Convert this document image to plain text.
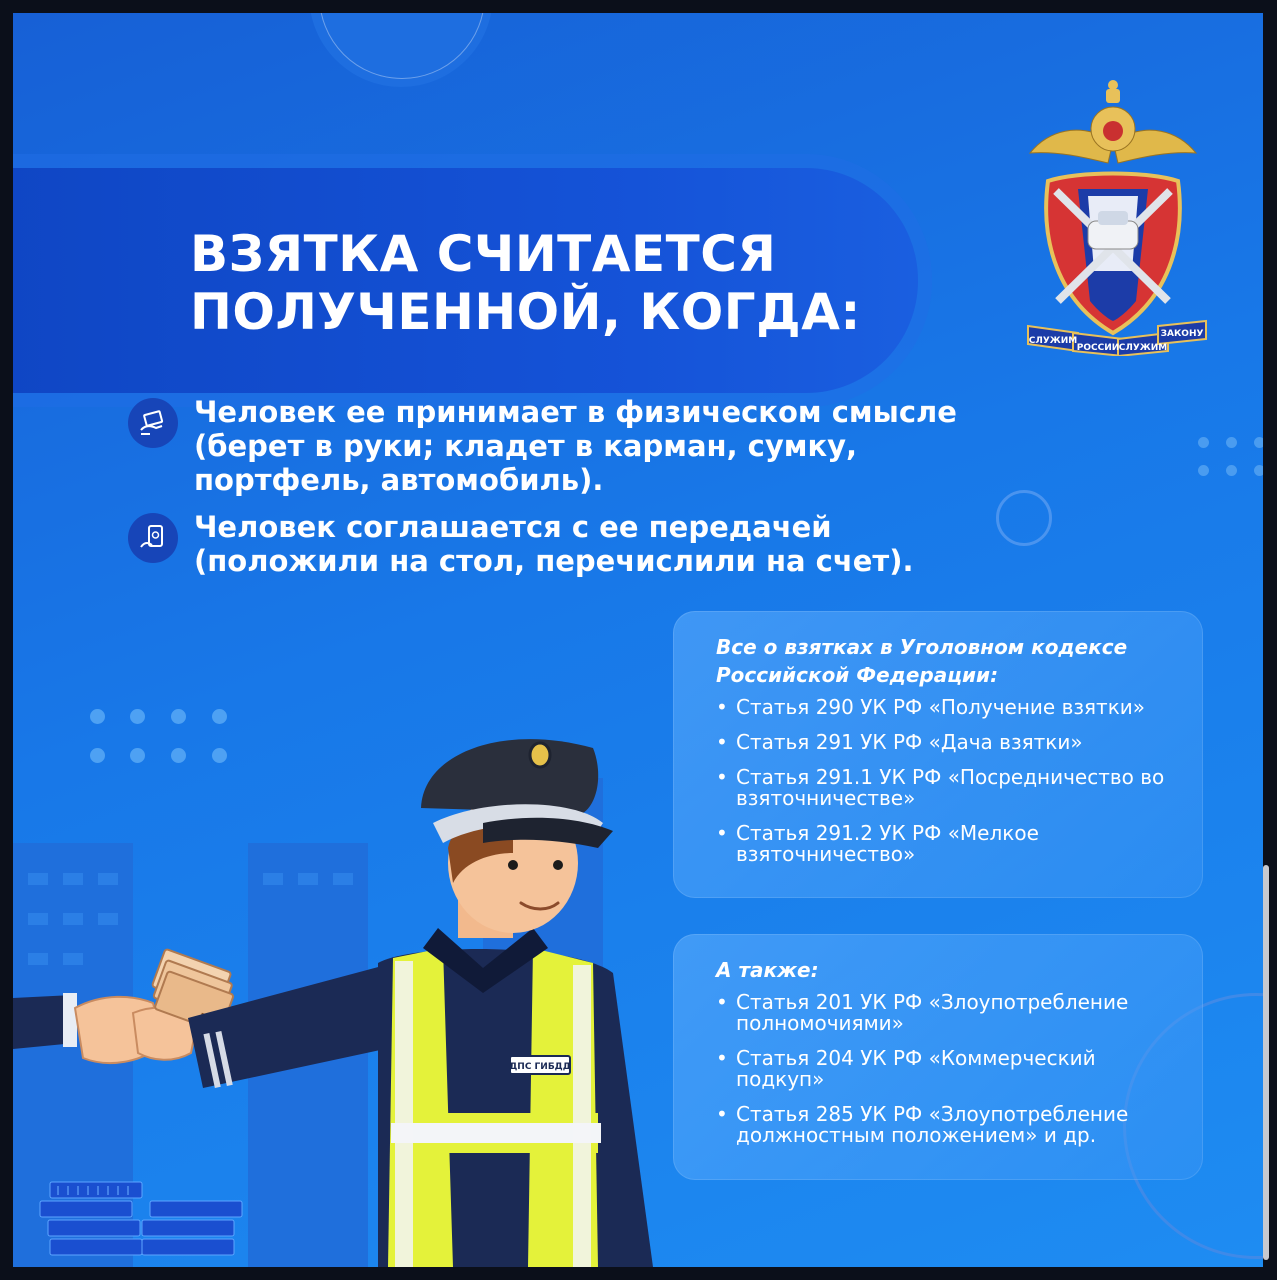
ВЗЯТКА СЧИТАЕТСЯ
ПОЛУЧЕННОЙ, КОГДА:	СЛУЖИМ
РОССИИ СЛУЖИМ
ЗАКОНУ

Человек ее принимает в физическом смысле (берет в руки; кладет в карман, сумку, портфель, автомобиль).

Человек соглашается с ее передачей (положили на стол, перечислили на счет).

Все о взятках в Уголовном кодексе Российской Федерации:
• Статья 290 УК РФ «Получение взятки»
• Статья 291 УК РФ «Дача взятки»
• Статья 291.1 УК РФ «Посредничество во взяточничестве»
• Статья 291.2 УК РФ «Мелкое взяточничество»
А также:
• Статья 201 УК РФ «Злоупотребление полномочиями»
• Статья 204 УК РФ «Коммерческий подкуп»
• Статья 285 УК РФ «Злоупотребление должностным положением» и др.
ДПС ГИБДД
